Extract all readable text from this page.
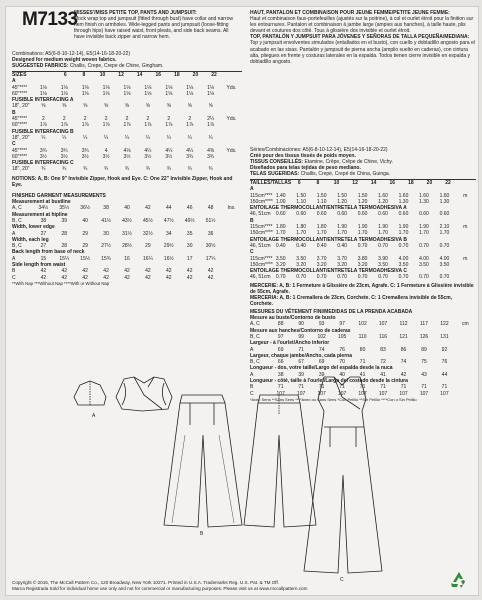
M7133
MISSES'/MISS PETITE TOP, PANTS AND JUMPSUIT:
Mock wrap top and jumpsuit (fitted through bust) have collar and narrow hem finish on armholes. Wide-legged pants and jumpsuit (loose-fitting through hips) have raised waist, front pleats, and side back seams. All have invisible back zipper and narrow hem.
Combinations: A5(6-8-10-12-14), E5(14-16-18-20-22)
Designed for medium weight woven fabrics.
SUGGESTED FABRICS: Challis, Crepe, Crepe de Chine, Gingham.
SIZES	6	8	10	12	14	16	18	20	22	
A										
45"****	1⅛	1⅛	1⅛	1⅛	1⅛	1⅛	1⅛	1⅛	1⅛	Yds.
60"****	1⅛	1⅛	1⅛	1⅛	1⅛	1⅛	1⅛	1⅛	1⅛	
FUSIBLE INTERFACING A										
18", 20"	⅝	⅝	⅝	⅝	⅝	⅝	⅝	⅝	⅝	
B										
45"****	2	2	2	2	2	2	2	2	2¼	Yds.
60"****	1⅞	1⅞	1⅞	1⅞	1⅞	1⅞	1⅞	1⅞	1⅞	
FUSIBLE INTERFACING B										
18", 20"	¼	¼	¼	¼	¼	¼	¼	¼	¼	
C										
45"****	3¾	3¾	3¾	4	4⅛	4¼	4¼	4¼	4⅜	Yds.
60"****	3½	3½	3½	3½	3½	3½	3½	3¾	3¾	
FUSIBLE INTERFACING C										
18", 20"	¾	¾	¾	¾	¾	¾	¾	¾	¾	
NOTIONS: A, B: One 9" Invisible Zipper, Hook and Eye. C: One 22" Invisible Zipper, Hook and Eye.
FINISHED GARMENT MEASUREMENTS
Measurement at bustline										
A, C	34½	35½	36½	38	40	42	44	46	48	Ins.
Measurement at hipline										
B, C	38	39	40	41½	43½	45½	47½	49½	51½	
Width, lower edge										
A	27	28	29	30	31½	32½	34	35	36	
Width, each leg										
B, C	27	28	29	27½	28½	29	29½	30	30½	
Back length from base of neck										
A	15	15¼	15½	15¾	16	16¼	16½	17	17¼	
Side length from waist										
B	42	42	42	42	42	42	42	42	42	
C	42	42	42	42	42	42	42	42	42	
**With Nap ***Without Nap ****With or Without Nap
HAUT, PANTALON ET COMBINAISON POUR JEUNE FEMME/PETITE JEUNE FEMME:
Haut et combinaison faux-portefeuilles (ajustés sur la poitrine), à col et ourlet étroit pour la finition sur les entournures. Pantalon et combinaison à jambe large (ampies aux hanches), à taille haute, plis devant et coutures dos côté. Tous à glissière dos invisible et ourlet étroit.
TOP, PANTALÓN Y JUMPSUIT PARA JÓVENES Y SEÑORAS DE TALLA PEQUEÑA/MEDIANA:
Top y jumpsuit envolventes simulados (entallados en el busto), con cuello y dobladillo angosto para el acabado en las sisas. Pantalón y jumpsuit de pierna ancha (amplio suelto en caderas), con cintura alta, pliegues en frente y costuras laterales en la espalda. Todos tienen cierre invisible en espalda y dobladillo angosto.
Séries/Combinaciones: A5(6-8-10-12-14), E5(14-16-18-20-22)
Créé pour des tissus tissés de poids moyen.
TISSUS CONSEILLÉS: Etamine, Crêpe, Crêpe de Chine, Vichy.
Diseñados para telas tejidas de peso mediano.
TELAS SUGERIDAS: Challis, Crepé, Crepé de China, Guinga.
TAILLES/TALLAS	6	8	10	12	14	16	18	20	22	
A										
115cm****	1.40	1.50	1.50	1.50	1.50	1.60	1.60	1.60	1.60	m
150cm****	1.00	1.10	1.10	1.20	1.20	1.20	1.30	1.30	1.30	
ENTOILAGE THERMOCOLLANT/ENTRETELA TERMOADHESIVA A										
46, 51cm	0.60	0.60	0.60	0.60	0.60	0.60	0.60	0.60	0.60	
B										
115cm****	1.80	1.80	1.80	1.90	1.90	1.90	1.90	1.90	2.10	m
150cm****	1.70	1.70	1.70	1.70	1.70	1.70	1.70	1.70	1.70	
ENTOILAGE THERMOCOLLANT/ENTRETELA TERMOADHESIVA B										
46, 51cm	0.40	0.40	0.40	0.40	0.70	0.70	0.70	0.70	0.70	
C										
115cm****	3.50	3.50	3.70	3.70	3.80	3.90	4.00	4.00	4.00	m
150cm****	3.20	3.20	3.20	3.20	3.20	3.50	3.50	3.50	3.50	
ENTOILAGE THERMOCOLLANT/ENTRETELA TERMOADHESIVA C										
46, 51cm	0.70	0.70	0.70	0.70	0.70	0.70	0.70	0.70	0.70	
MERCERIE: A, B: 1 Fermeture à Glissière de 23cm, Agrafe. C: 1 Fermeture à Glissière invisible de 55cm, Agrafe.
MERCERIA: A, B: 1 Cremallera de 23cm, Corchete. C: 1 Cremallera invisible de 55cm, Corchete.
MESURES DU VÊTEMENT FINI/MEDIDAS DE LA PRENDA ACABADA
Mesure au buste/Contorno de busto										
A, C	88	90	93	97	102	107	112	117	122	cm
Mesure aux hanches/Contorno de caderas										
B, C	97	99	102	105	110	116	121	126	131	
Largeur - à l'ourlet/Ancho inferior										
A	69	71	74	76	80	83	86	89	92	
Largeur, chaque jambe/Ancho, cada pierna										
B, C	66	67	69	70	71	72	74	75	76	
Longueur - dos, votre taille/Largo del espalda desde la nuca										
A	38	39	39	40	41	41	42	43	44	
Longueur - côté, taille à l'ourlet/Largo del costado desde la cintura										
B	71	71	71	71	71	71	71	71	71	
C	107	107	107	107	107	107	107	107	107	
*Avec Sens **Sans Sens ****Avec ou Sans Sens *Con Pelillo **Sin Pelillo ****Con o Sin Pelillo
A
B
C
Copyright © 2015, The McCall Pattern Co., 120 Broadway, New York 10271. Printed in U.S.A. Trademarks Reg. U.S. Pat. & TM Off.
Marca Registrada Sold for individual home use only and not for commercial or manufacturing purposes. Please visit us at www.mccallpattern.com
